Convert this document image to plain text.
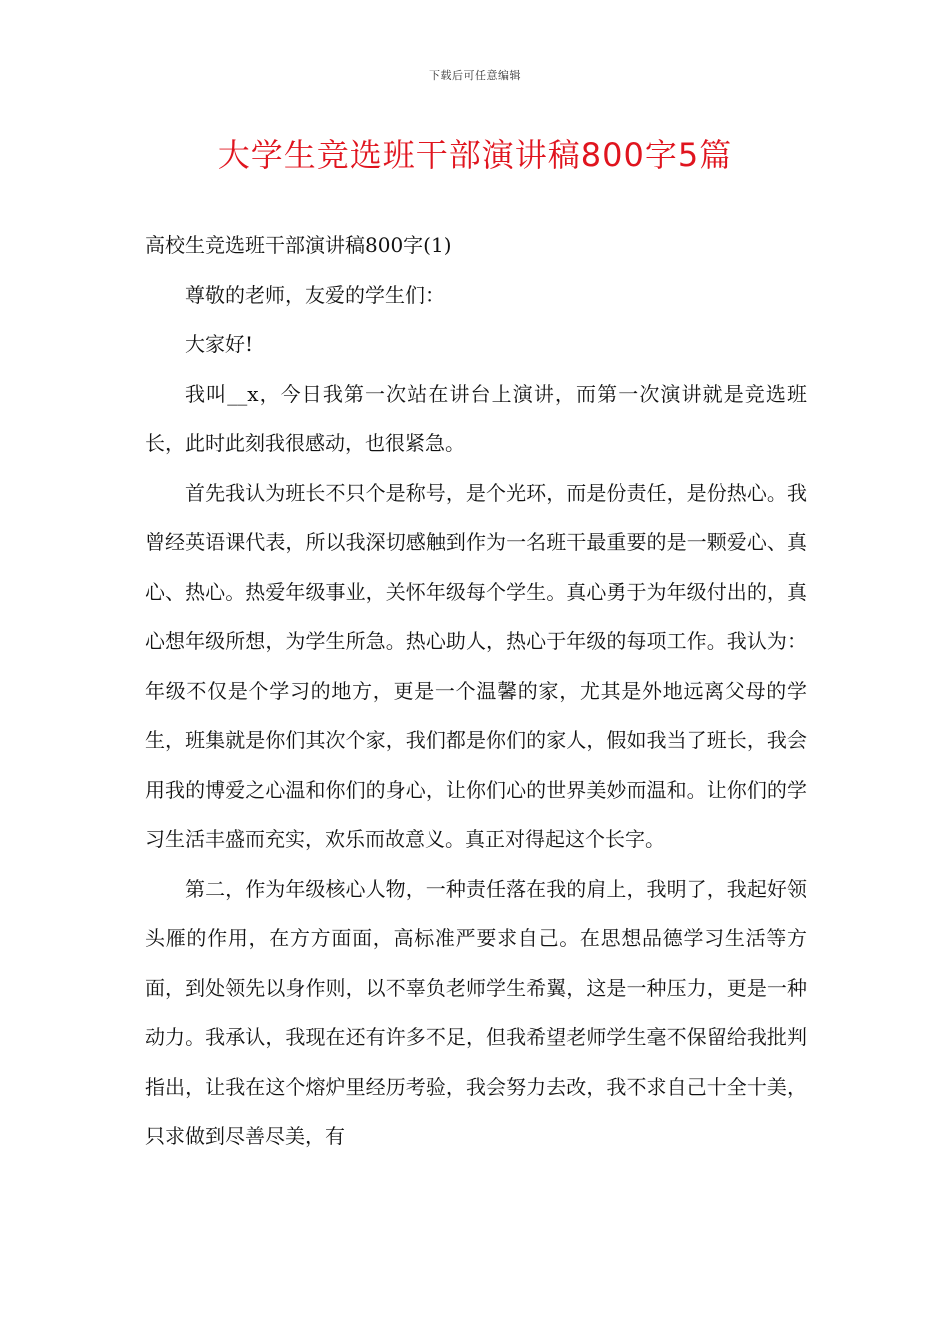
下载后可任意编辑
大学生竞选班干部演讲稿800字5篇

高校生竞选班干部演讲稿800字(1)

尊敬的老师，友爱的学生们：

大家好!

我叫__x，今日我第一次站在讲台上演讲，而第一次演讲就是竞选班长，此时此刻我很感动，也很紧急。

首先我认为班长不只个是称号，是个光环，而是份责任，是份热心。我曾经英语课代表，所以我深切感触到作为一名班干最重要的是一颗爱心、真心、热心。热爱年级事业，关怀年级每个学生。真心勇于为年级付出的，真心想年级所想，为学生所急。热心助人，热心于年级的每项工作。我认为：年级不仅是个学习的地方，更是一个温馨的家，尤其是外地远离父母的学生，班集就是你们其次个家，我们都是你们的家人，假如我当了班长，我会用我的博爱之心温和你们的身心，让你们心的世界美妙而温和。让你们的学习生活丰盛而充实，欢乐而故意义。真正对得起这个长字。

第二，作为年级核心人物，一种责任落在我的肩上，我明了，我起好领头雁的作用，在方方面面，高标准严要求自己。在思想品德学习生活等方面，到处领先以身作则，以不辜负老师学生希翼，这是一种压力，更是一种动力。我承认，我现在还有许多不足，但我希望老师学生毫不保留给我批判指出，让我在这个熔炉里经历考验，我会努力去改，我不求自己十全十美，只求做到尽善尽美，有
